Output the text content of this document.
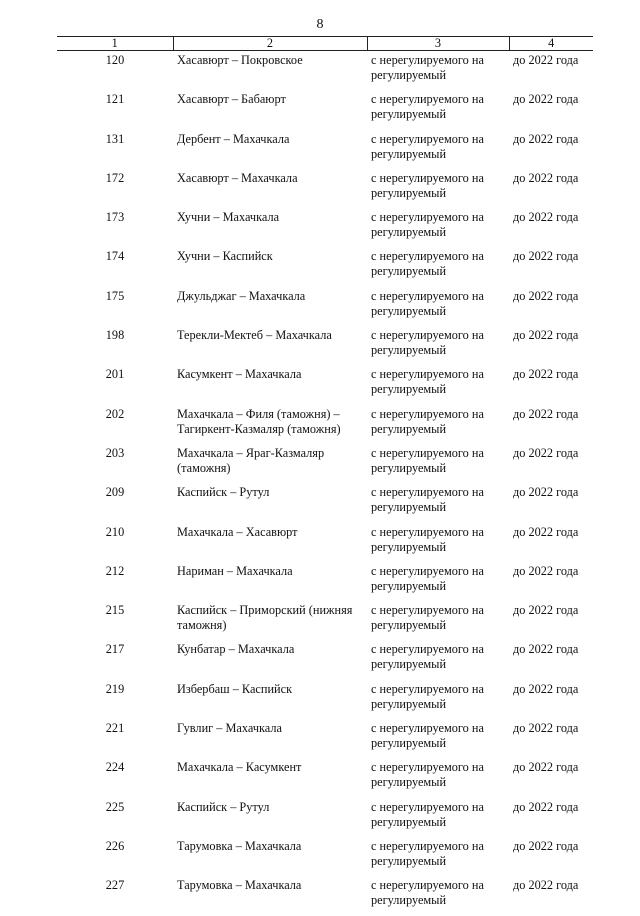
8
1	2	3	4
120	Хасавюрт – Покровское	с нерегулируемого на регулируемый	до 2022 года
121	Хасавюрт – Бабаюрт	с нерегулируемого на регулируемый	до 2022 года
131	Дербент – Махачкала	с нерегулируемого на регулируемый	до 2022 года
172	Хасавюрт – Махачкала	с нерегулируемого на регулируемый	до 2022 года
173	Хучни – Махачкала	с нерегулируемого на регулируемый	до 2022 года
174	Хучни – Каспийск	с нерегулируемого на регулируемый	до 2022 года
175	Джульджаг – Махачкала	с нерегулируемого на регулируемый	до 2022 года
198	Терекли-Мектеб – Махачкала	с нерегулируемого на регулируемый	до 2022 года
201	Касумкент – Махачкала	с нерегулируемого на регулируемый	до 2022 года
202	Махачкала – Филя (таможня) – Тагиркент-Казмаляр (таможня)	с нерегулируемого на регулируемый	до 2022 года
203	Махачкала – Яраг-Казмаляр (таможня)	с нерегулируемого на регулируемый	до 2022 года
209	Каспийск – Рутул	с нерегулируемого на регулируемый	до 2022 года
210	Махачкала – Хасавюрт	с нерегулируемого на регулируемый	до 2022 года
212	Нариман – Махачкала	с нерегулируемого на регулируемый	до 2022 года
215	Каспийск – Приморский (нижняя таможня)	с нерегулируемого на регулируемый	до 2022 года
217	Кунбатар – Махачкала	с нерегулируемого на регулируемый	до 2022 года
219	Избербаш – Каспийск	с нерегулируемого на регулируемый	до 2022 года
221	Гувлиг – Махачкала	с нерегулируемого на регулируемый	до 2022 года
224	Махачкала – Касумкент	с нерегулируемого на регулируемый	до 2022 года
225	Каспийск – Рутул	с нерегулируемого на регулируемый	до 2022 года
226	Тарумовка – Махачкала	с нерегулируемого на регулируемый	до 2022 года
227	Тарумовка – Махачкала	с нерегулируемого на регулируемый	до 2022 года
